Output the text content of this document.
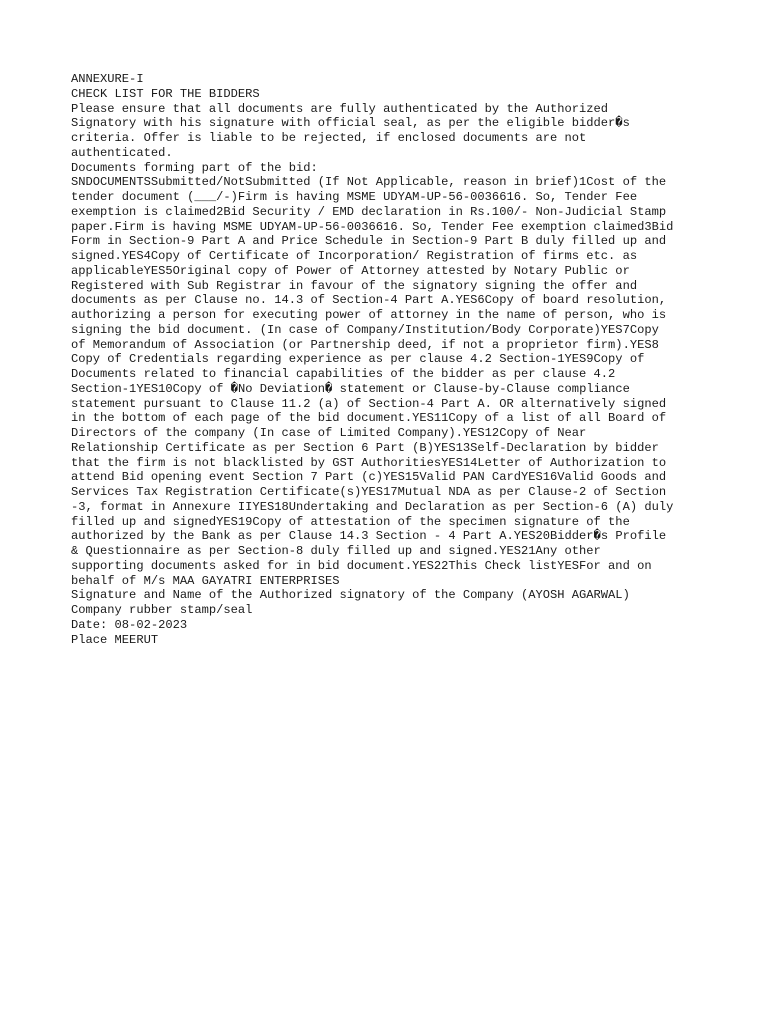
ANNEXURE-I

CHECK LIST FOR THE BIDDERS

Please ensure that all documents are fully authenticated by the Authorized

Signatory with his signature with official seal, as per the eligible bidder�s

criteria. Offer is liable to be rejected, if enclosed documents are not

authenticated.

Documents forming part of the bid:

SNDOCUMENTSSubmitted/NotSubmitted (If Not Applicable, reason in brief)1Cost of the

tender document (___/-)Firm is having MSME UDYAM-UP-56-0036616. So, Tender Fee

exemption is claimed2Bid Security / EMD declaration in Rs.100/- Non-Judicial Stamp

paper.Firm is having MSME UDYAM-UP-56-0036616. So, Tender Fee exemption claimed3Bid

Form in Section-9 Part A and Price Schedule in Section-9 Part B duly filled up and

signed.YES4Copy of Certificate of Incorporation/ Registration of firms etc. as

applicableYES5Original copy of Power of Attorney attested by Notary Public or

Registered with Sub Registrar in favour of the signatory signing the offer and

documents as per Clause no. 14.3 of Section-4 Part A.YES6Copy of board resolution,

authorizing a person for executing power of attorney in the name of person, who is

signing the bid document. (In case of Company/Institution/Body Corporate)YES7Copy

of Memorandum of Association (or Partnership deed, if not a proprietor firm).YES8

Copy of Credentials regarding experience as per clause 4.2 Section-1YES9Copy of

Documents related to financial capabilities of the bidder as per clause 4.2

Section-1YES10Copy of �No Deviation� statement or Clause-by-Clause compliance

statement pursuant to Clause 11.2 (a) of Section-4 Part A. OR alternatively signed

in the bottom of each page of the bid document.YES11Copy of a list of all Board of

Directors of the company (In case of Limited Company).YES12Copy of Near

Relationship Certificate as per Section 6 Part (B)YES13Self-Declaration by bidder

that the firm is not blacklisted by GST AuthoritiesYES14Letter of Authorization to

attend Bid opening event Section 7 Part (c)YES15Valid PAN CardYES16Valid Goods and

Services Tax Registration Certificate(s)YES17Mutual NDA as per Clause-2 of Section

-3, format in Annexure IIYES18Undertaking and Declaration as per Section-6 (A) duly

filled up and signedYES19Copy of attestation of the specimen signature of the

authorized by the Bank as per Clause 14.3 Section - 4 Part A.YES20Bidder�s Profile

& Questionnaire as per Section-8 duly filled up and signed.YES21Any other

supporting documents asked for in bid document.YES22This Check listYESFor and on

behalf of M/s MAA GAYATRI ENTERPRISES

Signature and Name of the Authorized signatory of the Company (AYOSH AGARWAL)

Company rubber stamp/seal

Date: 08-02-2023

Place MEERUT
